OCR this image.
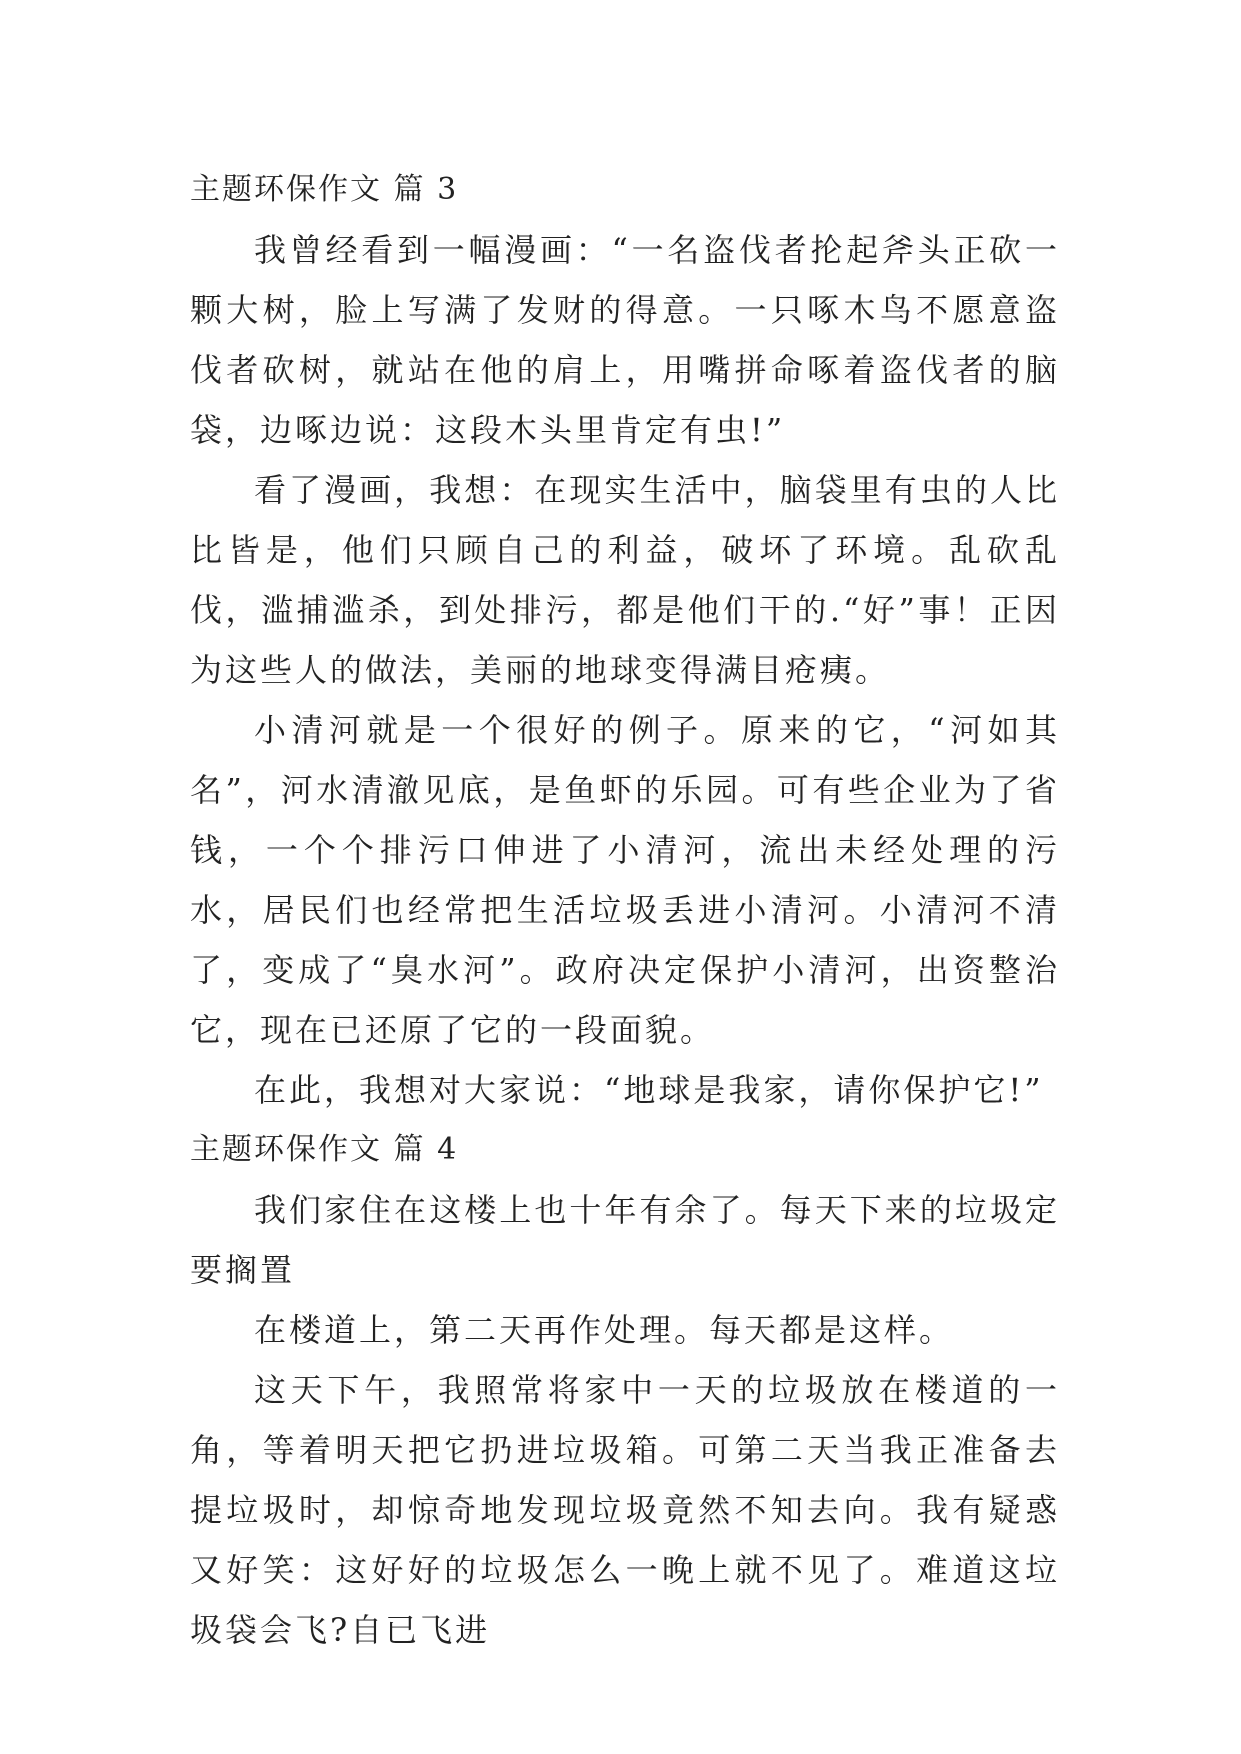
主题环保作文 篇 3

我曾经看到一幅漫画：“一名盗伐者抡起斧头正砍一颗大树，脸上写满了发财的得意。一只啄木鸟不愿意盗伐者砍树，就站在他的肩上，用嘴拼命啄着盗伐者的脑袋，边啄边说：这段木头里肯定有虫!”

看了漫画，我想：在现实生活中，脑袋里有虫的人比比皆是，他们只顾自己的利益，破坏了环境。乱砍乱伐，滥捕滥杀，到处排污，都是他们干的.“好”事！正因为这些人的做法，美丽的地球变得满目疮痍。

小清河就是一个很好的例子。原来的它，“河如其名”，河水清澈见底，是鱼虾的乐园。可有些企业为了省钱，一个个排污口伸进了小清河，流出未经处理的污水，居民们也经常把生活垃圾丢进小清河。小清河不清了，变成了“臭水河”。政府决定保护小清河，出资整治它，现在已还原了它的一段面貌。

在此，我想对大家说：“地球是我家，请你保护它!”

主题环保作文 篇 4

我们家住在这楼上也十年有余了。每天下来的垃圾定要搁置

在楼道上，第二天再作处理。每天都是这样。

这天下午，我照常将家中一天的垃圾放在楼道的一角，等着明天把它扔进垃圾箱。可第二天当我正准备去提垃圾时，却惊奇地发现垃圾竟然不知去向。我有疑惑又好笑：这好好的垃圾怎么一晚上就不见了。难道这垃圾袋会飞?自已飞进
